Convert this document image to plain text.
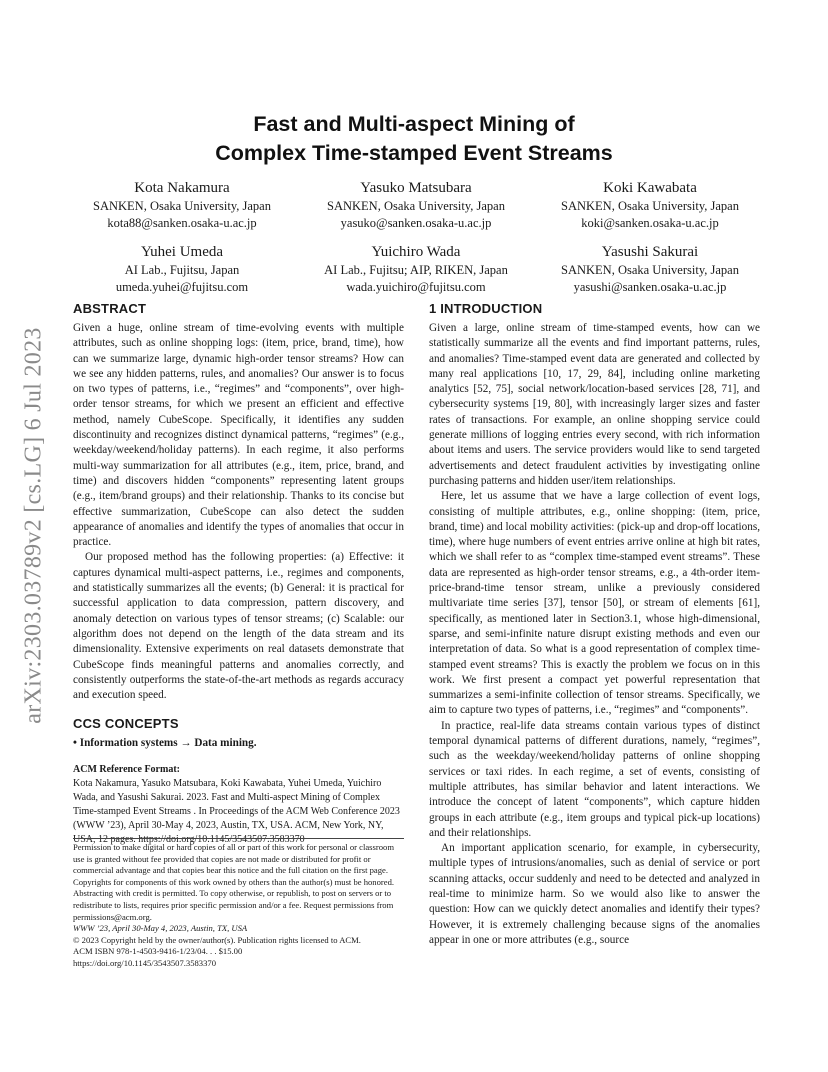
arXiv:2303.03789v2 [cs.LG] 6 Jul 2023
Fast and Multi-aspect Mining of
Complex Time-stamped Event Streams
Kota Nakamura
SANKEN, Osaka University, Japan
kota88@sanken.osaka-u.ac.jp
Yasuko Matsubara
SANKEN, Osaka University, Japan
yasuko@sanken.osaka-u.ac.jp
Koki Kawabata
SANKEN, Osaka University, Japan
koki@sanken.osaka-u.ac.jp
Yuhei Umeda
AI Lab., Fujitsu, Japan
umeda.yuhei@fujitsu.com
Yuichiro Wada
AI Lab., Fujitsu; AIP, RIKEN, Japan
wada.yuichiro@fujitsu.com
Yasushi Sakurai
SANKEN, Osaka University, Japan
yasushi@sanken.osaka-u.ac.jp
ABSTRACT

Given a huge, online stream of time-evolving events with multiple attributes, such as online shopping logs: (item, price, brand, time), how can we summarize large, dynamic high-order tensor streams? How can we see any hidden patterns, rules, and anomalies? Our answer is to focus on two types of patterns, i.e., “regimes” and “components”, over high-order tensor streams, for which we present an efficient and effective method, namely CubeScope. Specifically, it identifies any sudden discontinuity and recognizes distinct dynamical patterns, “regimes” (e.g., weekday/weekend/holiday patterns). In each regime, it also performs multi-way summarization for all attributes (e.g., item, price, brand, and time) and discovers hidden “components” representing latent groups (e.g., item/brand groups) and their relationship. Thanks to its concise but effective summarization, CubeScope can also detect the sudden appearance of anomalies and identify the types of anomalies that occur in practice.

Our proposed method has the following properties: (a) Effective: it captures dynamical multi-aspect patterns, i.e., regimes and components, and statistically summarizes all the events; (b) General: it is practical for successful application to data compression, pattern discovery, and anomaly detection on various types of tensor streams; (c) Scalable: our algorithm does not depend on the length of the data stream and its dimensionality. Extensive experiments on real datasets demonstrate that CubeScope finds meaningful patterns and anomalies correctly, and consistently outperforms the state-of-the-art methods as regards accuracy and execution speed.

CCS CONCEPTS
• Information systems → Data mining.
ACM Reference Format:
Kota Nakamura, Yasuko Matsubara, Koki Kawabata, Yuhei Umeda, Yuichiro Wada, and Yasushi Sakurai. 2023. Fast and Multi-aspect Mining of Complex Time-stamped Event Streams . In Proceedings of the ACM Web Conference 2023 (WWW ’23), April 30-May 4, 2023, Austin, TX, USA. ACM, New York, NY, USA, 12 pages. https://doi.org/10.1145/3543507.3583370
Permission to make digital or hard copies of all or part of this work for personal or classroom use is granted without fee provided that copies are not made or distributed for profit or commercial advantage and that copies bear this notice and the full citation on the first page. Copyrights for components of this work owned by others than the author(s) must be honored. Abstracting with credit is permitted. To copy otherwise, or republish, to post on servers or to redistribute to lists, requires prior specific permission and/or a fee. Request permissions from permissions@acm.org.
WWW ’23, April 30-May 4, 2023, Austin, TX, USA
© 2023 Copyright held by the owner/author(s). Publication rights licensed to ACM.
ACM ISBN 978-1-4503-9416-1/23/04. . . $15.00
https://doi.org/10.1145/3543507.3583370
1 INTRODUCTION

Given a large, online stream of time-stamped events, how can we statistically summarize all the events and find important patterns, rules, and anomalies? Time-stamped event data are generated and collected by many real applications [10, 17, 29, 84], including online marketing analytics [52, 75], social network/location-based services [28, 71], and cybersecurity systems [19, 80], with increasingly larger sizes and faster rates of transactions. For example, an online shopping service could generate millions of logging entries every second, with rich information about items and users. The service providers would like to send targeted advertisements and detect fraudulent activities by investigating online purchasing patterns and hidden user/item relationships.

Here, let us assume that we have a large collection of event logs, consisting of multiple attributes, e.g., online shopping: (item, price, brand, time) and local mobility activities: (pick-up and drop-off locations, time), where huge numbers of event entries arrive online at high bit rates, which we shall refer to as “complex time-stamped event streams”. These data are represented as high-order tensor streams, e.g., a 4th-order item-price-brand-time tensor stream, unlike a previously considered multivariate time series [37], tensor [50], or stream of elements [61], specifically, as mentioned later in Section3.1, whose high-dimensional, sparse, and semi-infinite nature disrupt existing methods and even our interpretation of data. So what is a good representation of complex time-stamped event streams? This is exactly the problem we focus on in this work. We first present a compact yet powerful representation that summarizes a semi-infinite collection of tensor streams. Specifically, we aim to capture two types of patterns, i.e., “regimes” and “components”.

In practice, real-life data streams contain various types of distinct temporal dynamical patterns of different durations, namely, “regimes”, such as the weekday/weekend/holiday patterns of online shopping services or taxi rides. In each regime, a set of events, consisting of multiple attributes, has similar behavior and latent interactions. We introduce the concept of latent “components”, which capture hidden groups in each attribute (e.g., item groups and typical pick-up locations) and their relationships.

An important application scenario, for example, in cybersecurity, multiple types of intrusions/anomalies, such as denial of service or port scanning attacks, occur suddenly and need to be detected and analyzed in real-time to minimize harm. So we would also like to answer the question: How can we quickly detect anomalies and identify their types? However, it is extremely challenging because signs of the anomalies appear in one or more attributes (e.g., source
